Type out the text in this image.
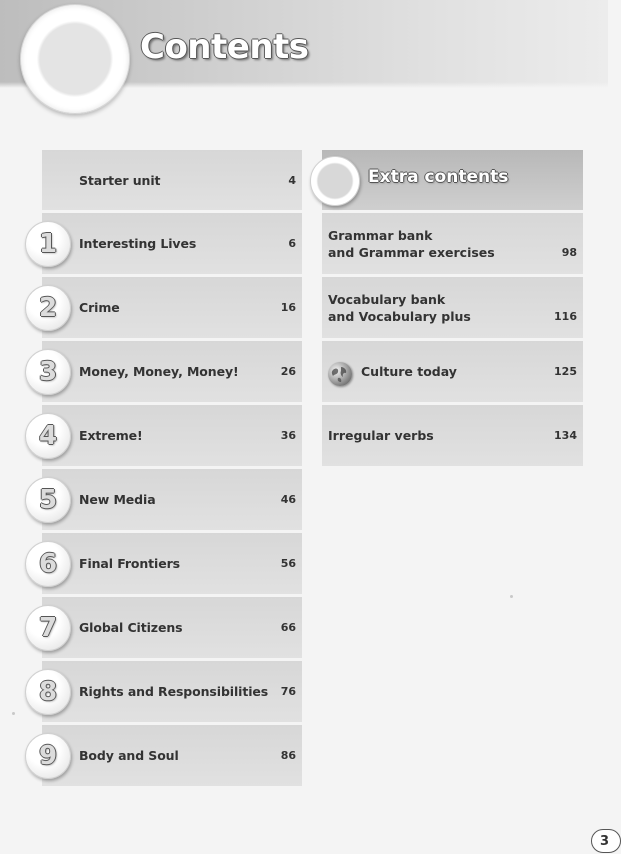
Contents
Starter unit	4
1	Interesting Lives	6
2	Crime	16
3	Money, Money, Money!	26
4	Extreme!	36
5	New Media	46
6	Final Frontiers	56
7	Global Citizens	66
8	Rights and Responsibilities 76
9	Body and Soul	86
Extra contents
Grammar bank
and Grammar exercises	98
Vocabulary bank
and Vocabulary plus	116
Culture today	125
Irregular verbs	134
3
